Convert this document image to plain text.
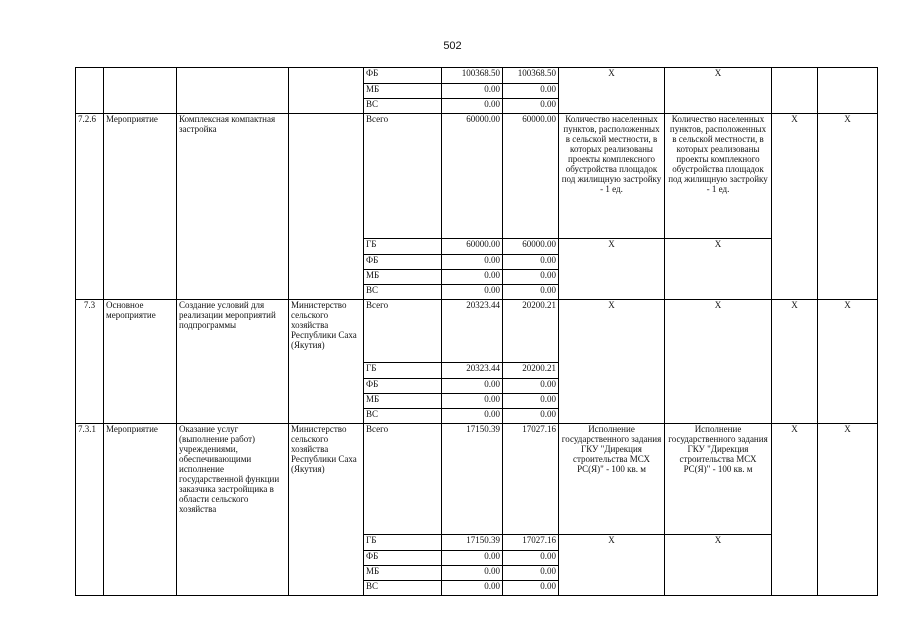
502
				ФБ	100368.50	100368.50	Х	Х		
				МБ	0.00	0.00				
				ВС	0.00	0.00				
7.2.6	Мероприятие	Комплексная компактная застройка		Всего	60000.00	60000.00	Количество населенных пунктов, расположенных в сельской местности, в которых реализованы проекты комплексного обустройства площадок под жилищную застройку - 1 ед.	Количество населенных пунктов, расположенных в сельской местности, в которых реализованы проекты комплекного обустройства площадок под жилищную застройку - 1 ед.	Х	Х
				ГБ	60000.00	60000.00	Х	Х		
				ФБ	0.00	0.00				
				МБ	0.00	0.00				
				ВС	0.00	0.00				
7.3	Основное мероприятие	Создание условий для реализации мероприятий подпрограммы	Министерство сельского хозяйства Республики Саха (Якутия)	Всего	20323.44	20200.21	Х	Х	Х	Х
				ГБ	20323.44	20200.21				
				ФБ	0.00	0.00				
				МБ	0.00	0.00				
				ВС	0.00	0.00				
7.3.1	Мероприятие	Оказание услуг (выполнение работ) учреждениями, обеспечивающими исполнение государственной функции заказчика застройщика в области сельского хозяйства	Министерство сельского хозяйства Республики Саха (Якутия)	Всего	17150.39	17027.16	Исполнение государственного задания ГКУ "Дирекция строительства МСХ РС(Я)" - 100 кв. м	Исполнение государственного задания ГКУ "Дирекция строительства МСХ РС(Я)" - 100 кв. м	Х	Х
				ГБ	17150.39	17027.16	Х	Х		
				ФБ	0.00	0.00				
				МБ	0.00	0.00				
				ВС	0.00	0.00				
